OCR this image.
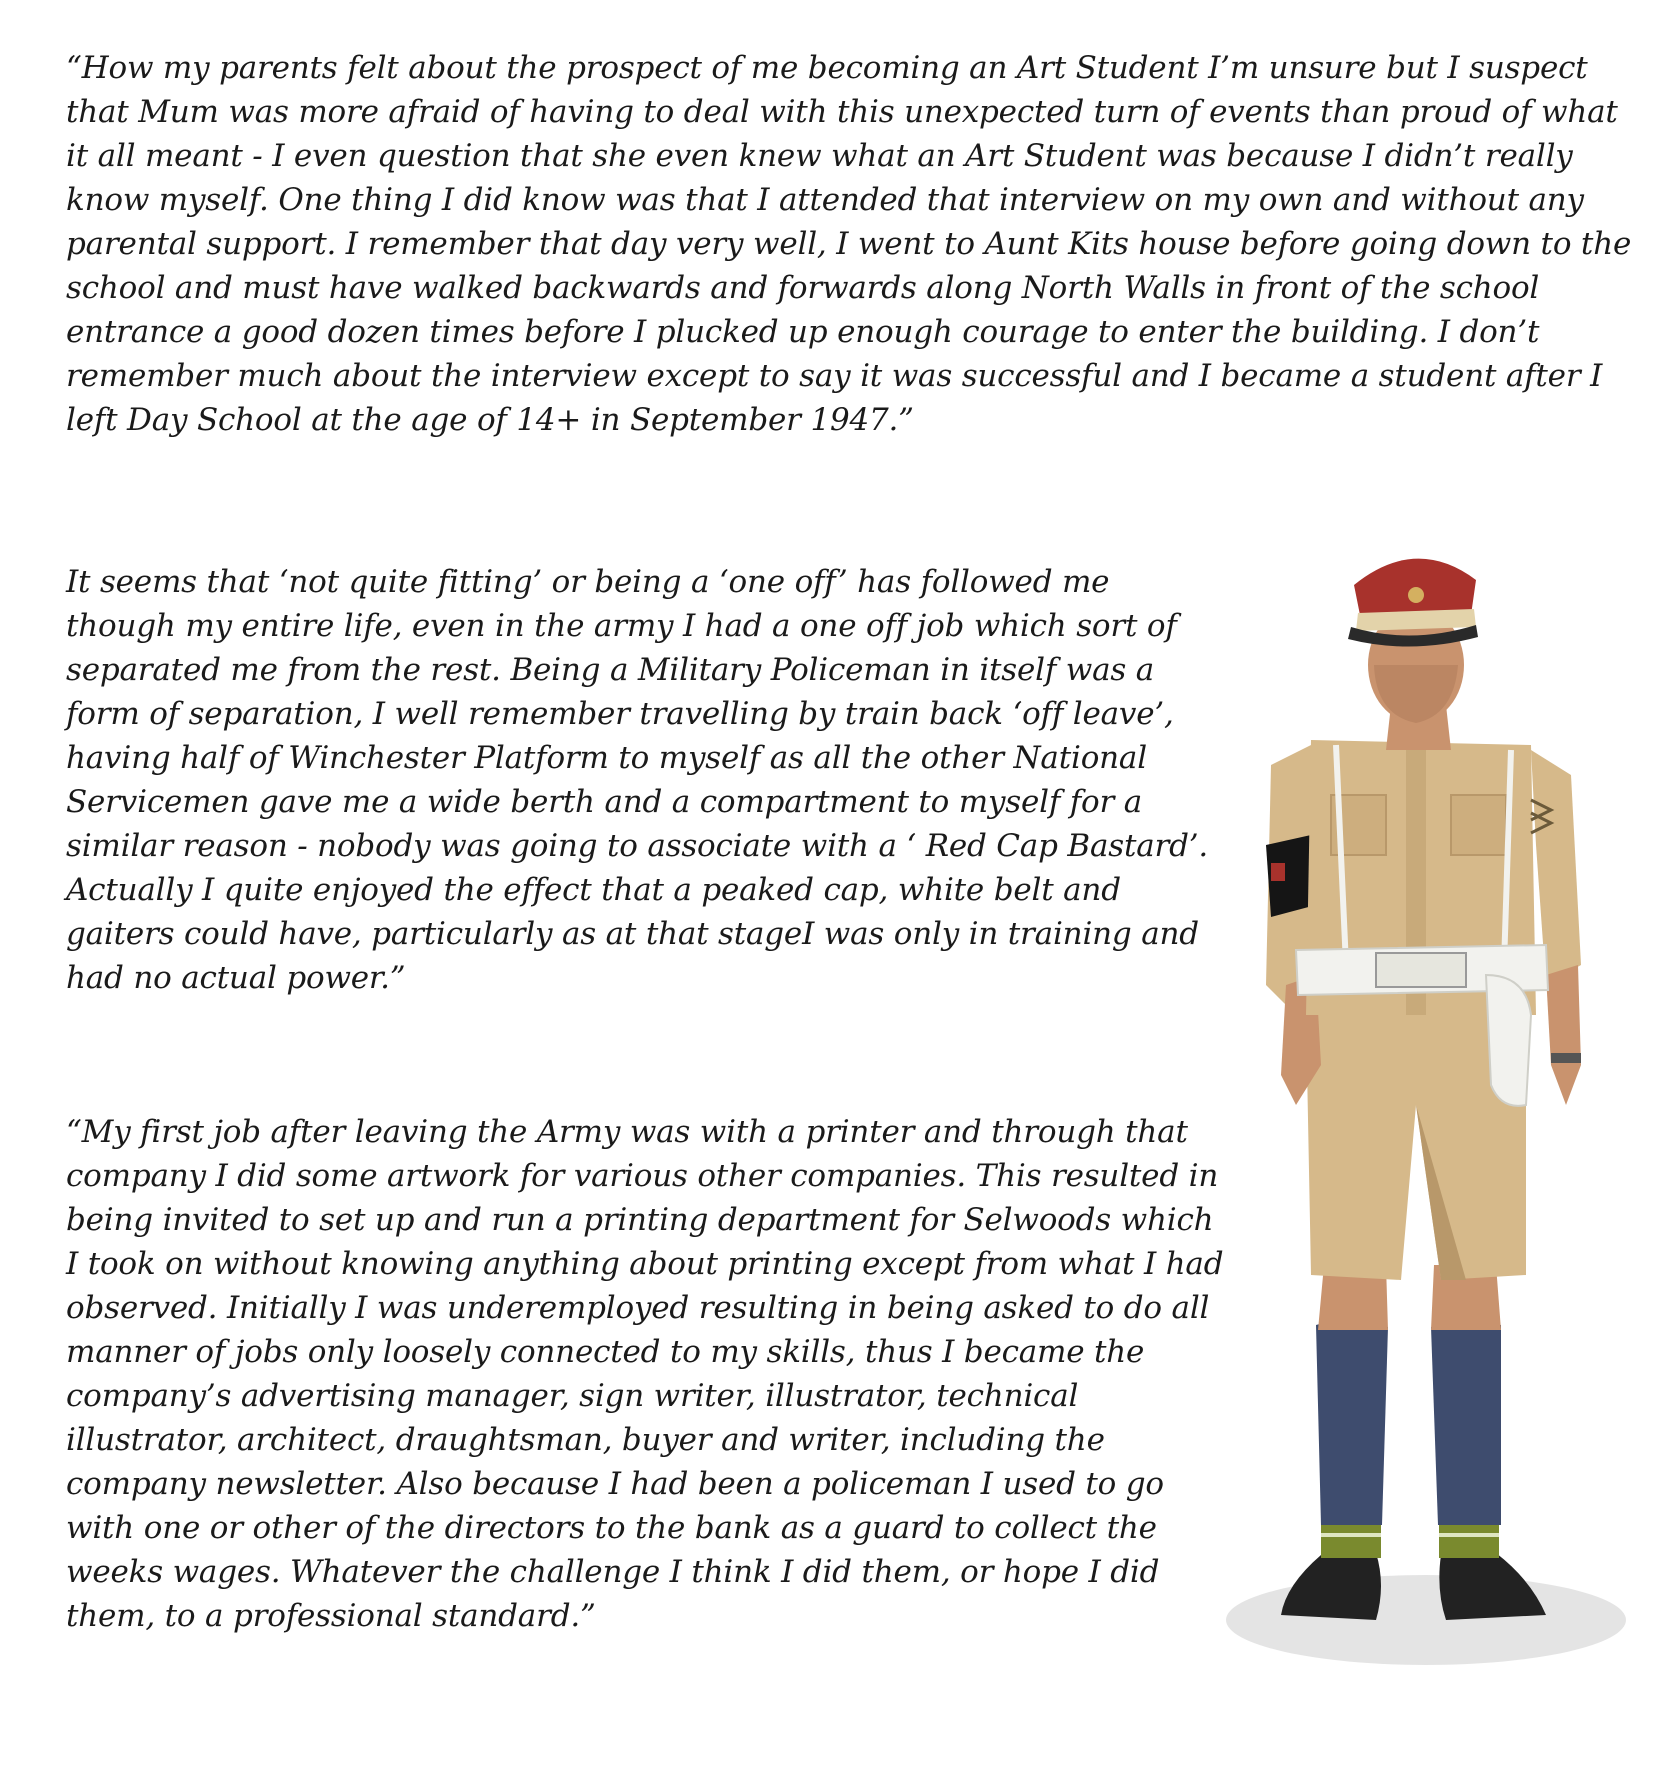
“How my parents felt about the prospect of me becoming an Art Student I’m unsure but I suspect that Mum was more afraid of having to deal with this unexpected turn of events than proud of what it all meant - I even question that she even knew what an Art Student was because I didn’t really know myself. One thing I did know was that I attended that interview on my own and without any parental support. I remember that day very well, I went to Aunt Kits house before going down to the school and must have walked backwards and forwards along North Walls in front of the school entrance a good dozen times before I plucked up enough courage to enter the building. I don’t remember much about the interview except to say it was successful and I became a student after I left Day School at the age of 14+ in September 1947.”

It seems that ‘not quite fitting’ or being a ‘one off’ has followed me though my entire life, even in the army I had a one off job which sort of separated me from the rest. Being a Military Policeman in itself was a form of separation, I well remember travelling by train back ‘off leave’, having half of Winchester Platform to myself as all the other National Servicemen gave me a wide berth and a compartment to myself for a similar reason - nobody was going to associate with a ‘ Red Cap Bastard’. Actually I quite enjoyed the effect that a peaked cap, white belt and gaiters could have, particularly as at that stageI was only in training and had no actual power.”

“My first job after leaving the Army was with a printer and through that company I did some artwork for various other companies. This resulted in being invited to set up and run a printing department for Selwoods which I took on without knowing anything about printing except from what I had observed. Initially I was underemployed resulting in being asked to do all manner of jobs only loosely connected to my skills, thus I became the company’s advertising manager, sign writer, illustrator, technical illustrator, architect, draughtsman, buyer and writer, including the company newsletter. Also because I had been a policeman I used to go with one or other of the directors to the bank as a guard to collect the weeks wages. Whatever the challenge I think I did them, or hope I did them, to a professional standard.”
